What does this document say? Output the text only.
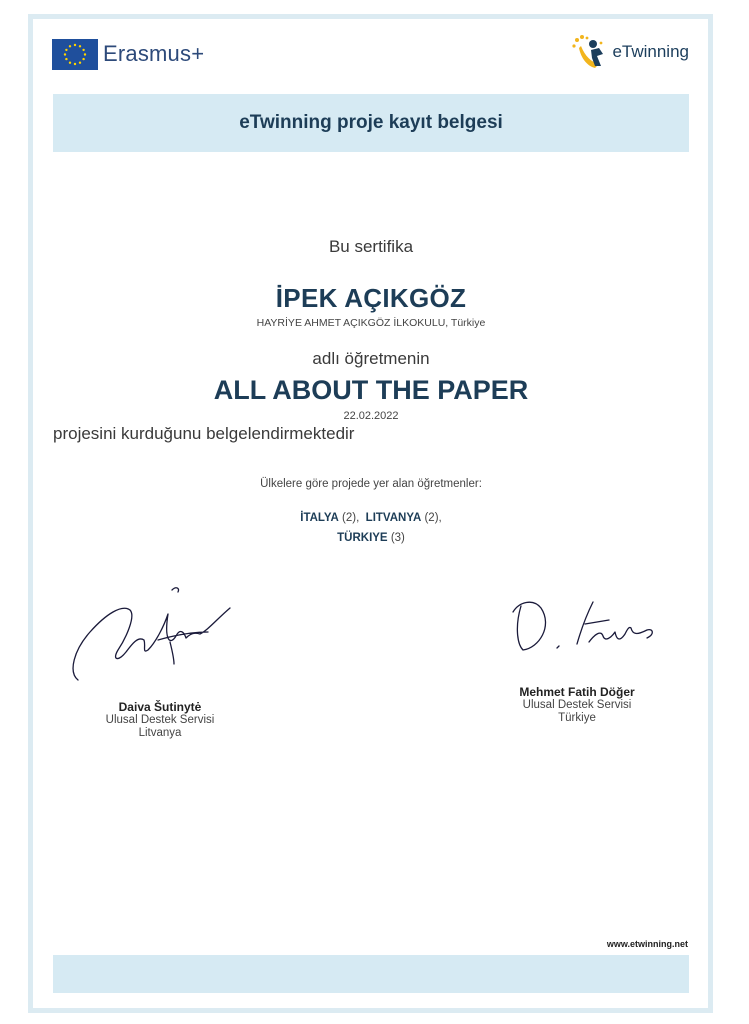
Erasmus+	eTwinning
eTwinning proje kayıt belgesi
Bu sertifika
İPEK AÇIKGÖZ
HAYRİYE AHMET AÇIKGÖZ İLKOKULU, Türkiye
adlı öğretmenin
ALL ABOUT THE PAPER
22.02.2022
projesini kurduğunu belgelendirmektedir
Ülkelere göre projede yer alan öğretmenler:
İTALYA (2), LITVANYA (2),
TÜRKIYE (3)
Daiva Šutinytė
Ulusal Destek Servisi
Litvanya
Mehmet Fatih Döğer
Ulusal Destek Servisi
Türkiye
www.etwinning.net
